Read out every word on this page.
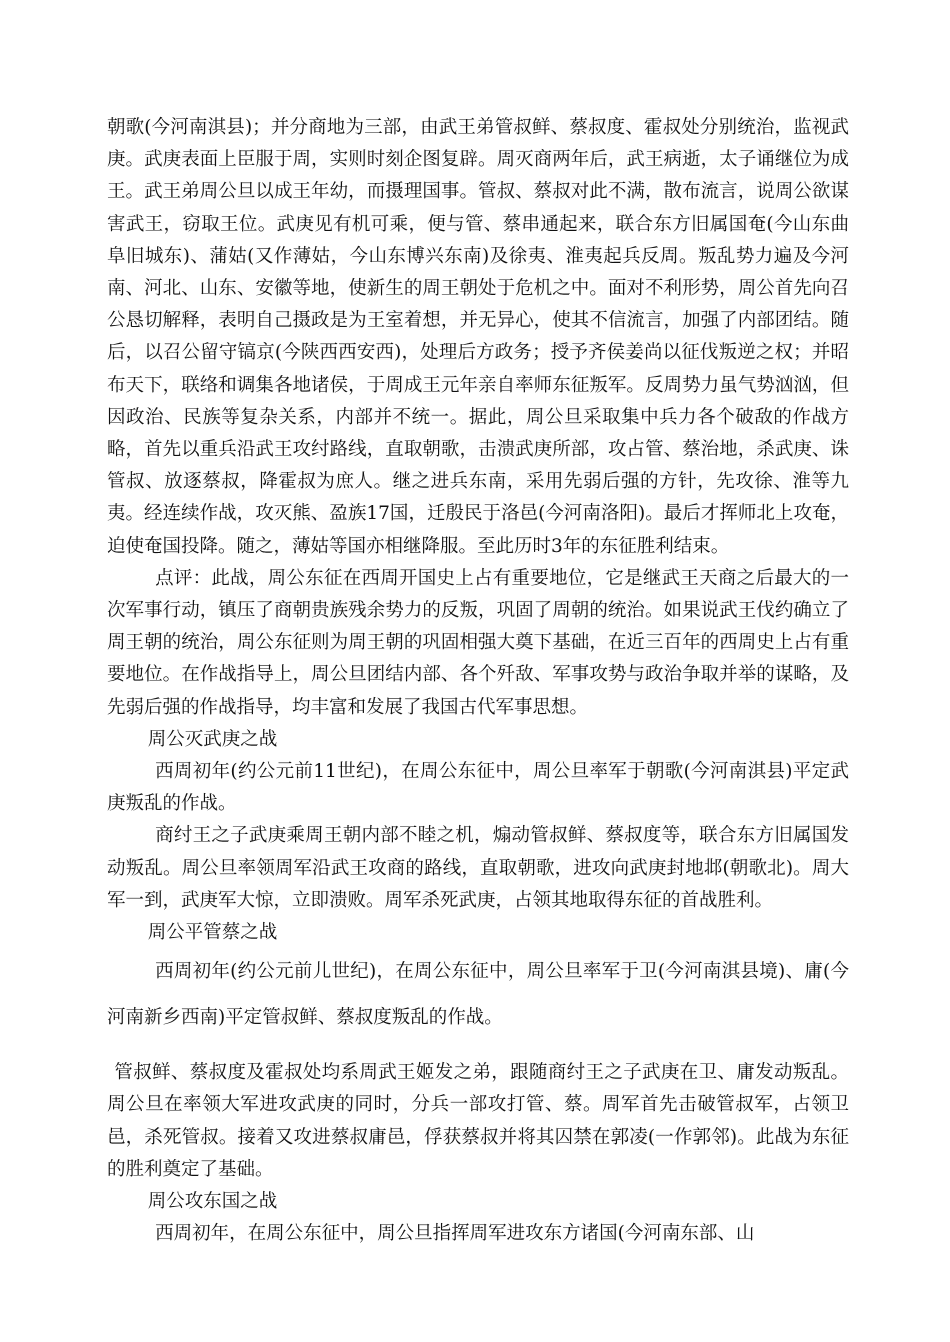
朝歌(今河南淇县)；并分商地为三部，由武王弟管叔鲜、蔡叔度、霍叔处分别统治，监视武庚。武庚表面上臣服于周，实则时刻企图复辟。周灭商两年后，武王病逝，太子诵继位为成王。武王弟周公旦以成王年幼，而摄理国事。管叔、蔡叔对此不满，散布流言，说周公欲谋害武王，窃取王位。武庚见有机可乘，便与管、蔡串通起来，联合东方旧属国奄(今山东曲阜旧城东)、蒲姑(又作薄姑，今山东博兴东南)及徐夷、淮夷起兵反周。叛乱势力遍及今河南、河北、山东、安徽等地，使新生的周王朝处于危机之中。面对不利形势，周公首先向召公恳切解释，表明自己摄政是为王室着想，并无异心，使其不信流言，加强了内部团结。随后，以召公留守镐京(今陕西西安西)，处理后方政务；授予齐侯姜尚以征伐叛逆之权；并昭布天下，联络和调集各地诸侯，于周成王元年亲自率师东征叛军。反周势力虽气势汹汹，但因政治、民族等复杂关系，内部并不统一。据此，周公旦采取集中兵力各个破敌的作战方略，首先以重兵沿武王攻纣路线，直取朝歌，击溃武庚所部，攻占管、蔡治地，杀武庚、诛管叔、放逐蔡叔，降霍叔为庶人。继之进兵东南，采用先弱后强的方针，先攻徐、淮等九夷。经连续作战，攻灭熊、盈族17国，迁殷民于洛邑(今河南洛阳)。最后才挥师北上攻奄，迫使奄国投降。随之，薄姑等国亦相继降服。至此历时3年的东征胜利结束。

点评：此战，周公东征在西周开国史上占有重要地位，它是继武王天商之后最大的一次军事行动，镇压了商朝贵族残余势力的反叛，巩固了周朝的统治。如果说武王伐约确立了周王朝的统治，周公东征则为周王朝的巩固相强大奠下基础，在近三百年的西周史上占有重要地位。在作战指导上，周公旦团结内部、各个歼敌、军事攻势与政治争取并举的谋略，及先弱后强的作战指导，均丰富和发展了我国古代军事思想。

周公灭武庚之战

西周初年(约公元前11世纪)，在周公东征中，周公旦率军于朝歌(今河南淇县)平定武庚叛乱的作战。

商纣王之子武庚乘周王朝内部不睦之机，煽动管叔鲜、蔡叔度等，联合东方旧属国发动叛乱。周公旦率领周军沿武王攻商的路线，直取朝歌，进攻向武庚封地邶(朝歌北)。周大军一到，武庚军大惊，立即溃败。周军杀死武庚，占领其地取得东征的首战胜利。

周公平管蔡之战

西周初年(约公元前儿世纪)，在周公东征中，周公旦率军于卫(今河南淇县境)、庸(今河南新乡西南)平定管叔鲜、蔡叔度叛乱的作战。

管叔鲜、蔡叔度及霍叔处均系周武王姬发之弟，跟随商纣王之子武庚在卫、庸发动叛乱。周公旦在率领大军进攻武庚的同时，分兵一部攻打管、蔡。周军首先击破管叔军，占领卫邑，杀死管叔。接着又攻进蔡叔庸邑，俘获蔡叔并将其囚禁在郭凌(一作郭邻)。此战为东征的胜利奠定了基础。

周公攻东国之战

西周初年，在周公东征中，周公旦指挥周军进攻东方诸国(今河南东部、山
